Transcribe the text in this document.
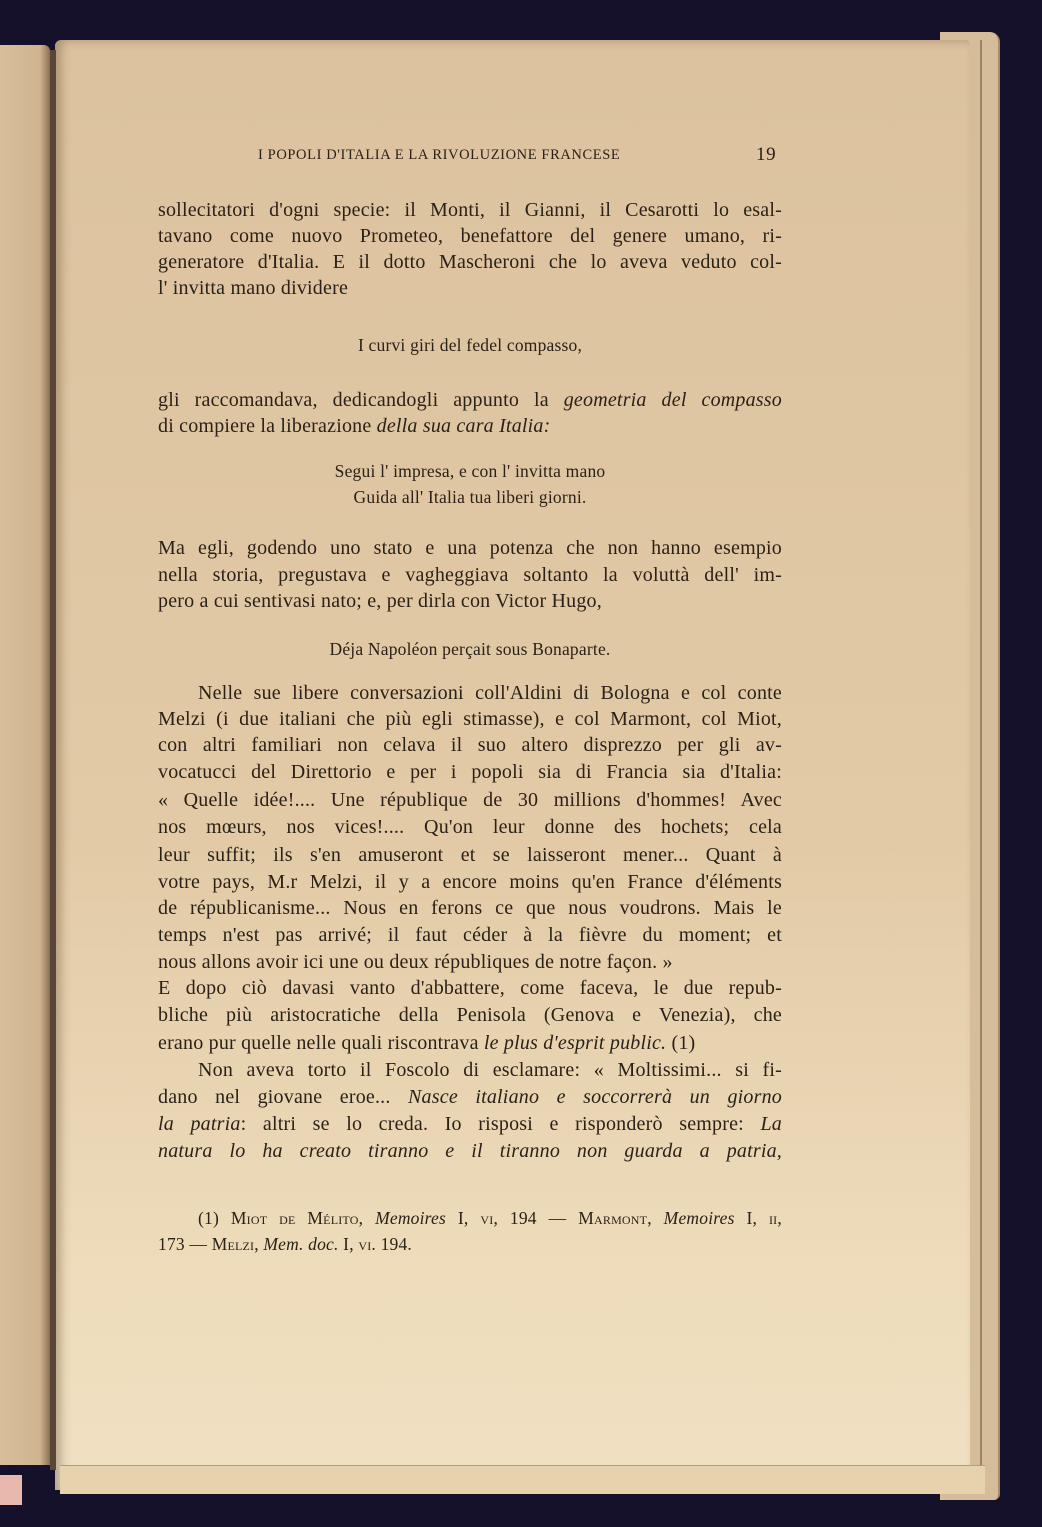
I POPOLI D'ITALIA E LA RIVOLUZIONE FRANCESE	19
sollecitatori d'ogni specie: il Monti, il Gianni, il Cesarotti lo esal-
tavano come nuovo Prometeo, benefattore del genere umano, ri-
generatore d'Italia. E il dotto Mascheroni che lo aveva veduto col-
l' invitta mano dividere
I curvi giri del fedel compasso,
gli raccomandava, dedicandogli appunto la geometria del compasso
di compiere la liberazione della sua cara Italia:
Segui l' impresa, e con l' invitta mano
Guida all' Italia tua liberi giorni.
Ma egli, godendo uno stato e una potenza che non hanno esempio
nella storia, pregustava e vagheggiava soltanto la voluttà dell' im-
pero a cui sentivasi nato; e, per dirla con Victor Hugo,
Déja Napoléon perçait sous Bonaparte.
Nelle sue libere conversazioni coll'Aldini di Bologna e col conte
Melzi (i due italiani che più egli stimasse), e col Marmont, col Miot,
con altri familiari non celava il suo altero disprezzo per gli av-
vocatucci del Direttorio e per i popoli sia di Francia sia d'Italia:
« Quelle idée!.... Une république de 30 millions d'hommes! Avec
nos mœurs, nos vices!.... Qu'on leur donne des hochets; cela
leur suffit; ils s'en amuseront et se laisseront mener... Quant à
votre pays, M.r Melzi, il y a encore moins qu'en France d'éléments
de républicanisme... Nous en ferons ce que nous voudrons. Mais le
temps n'est pas arrivé; il faut céder à la fièvre du moment; et
nous allons avoir ici une ou deux républiques de notre façon. »
E dopo ciò davasi vanto d'abbattere, come faceva, le due repub-
bliche più aristocratiche della Penisola (Genova e Venezia), che
erano pur quelle nelle quali riscontrava le plus d'esprit public. (1)
Non aveva torto il Foscolo di esclamare: « Moltissimi... si fi-
dano nel giovane eroe... Nasce italiano e soccorrerà un giorno
la patria: altri se lo creda. Io risposi e risponderò sempre: La
natura lo ha creato tiranno e il tiranno non guarda a patria,
(1) Miot de Mélito, Memoires I, vi, 194 — Marmont, Memoires I, ii,
173 — Melzi, Mem. doc. I, vi. 194.
